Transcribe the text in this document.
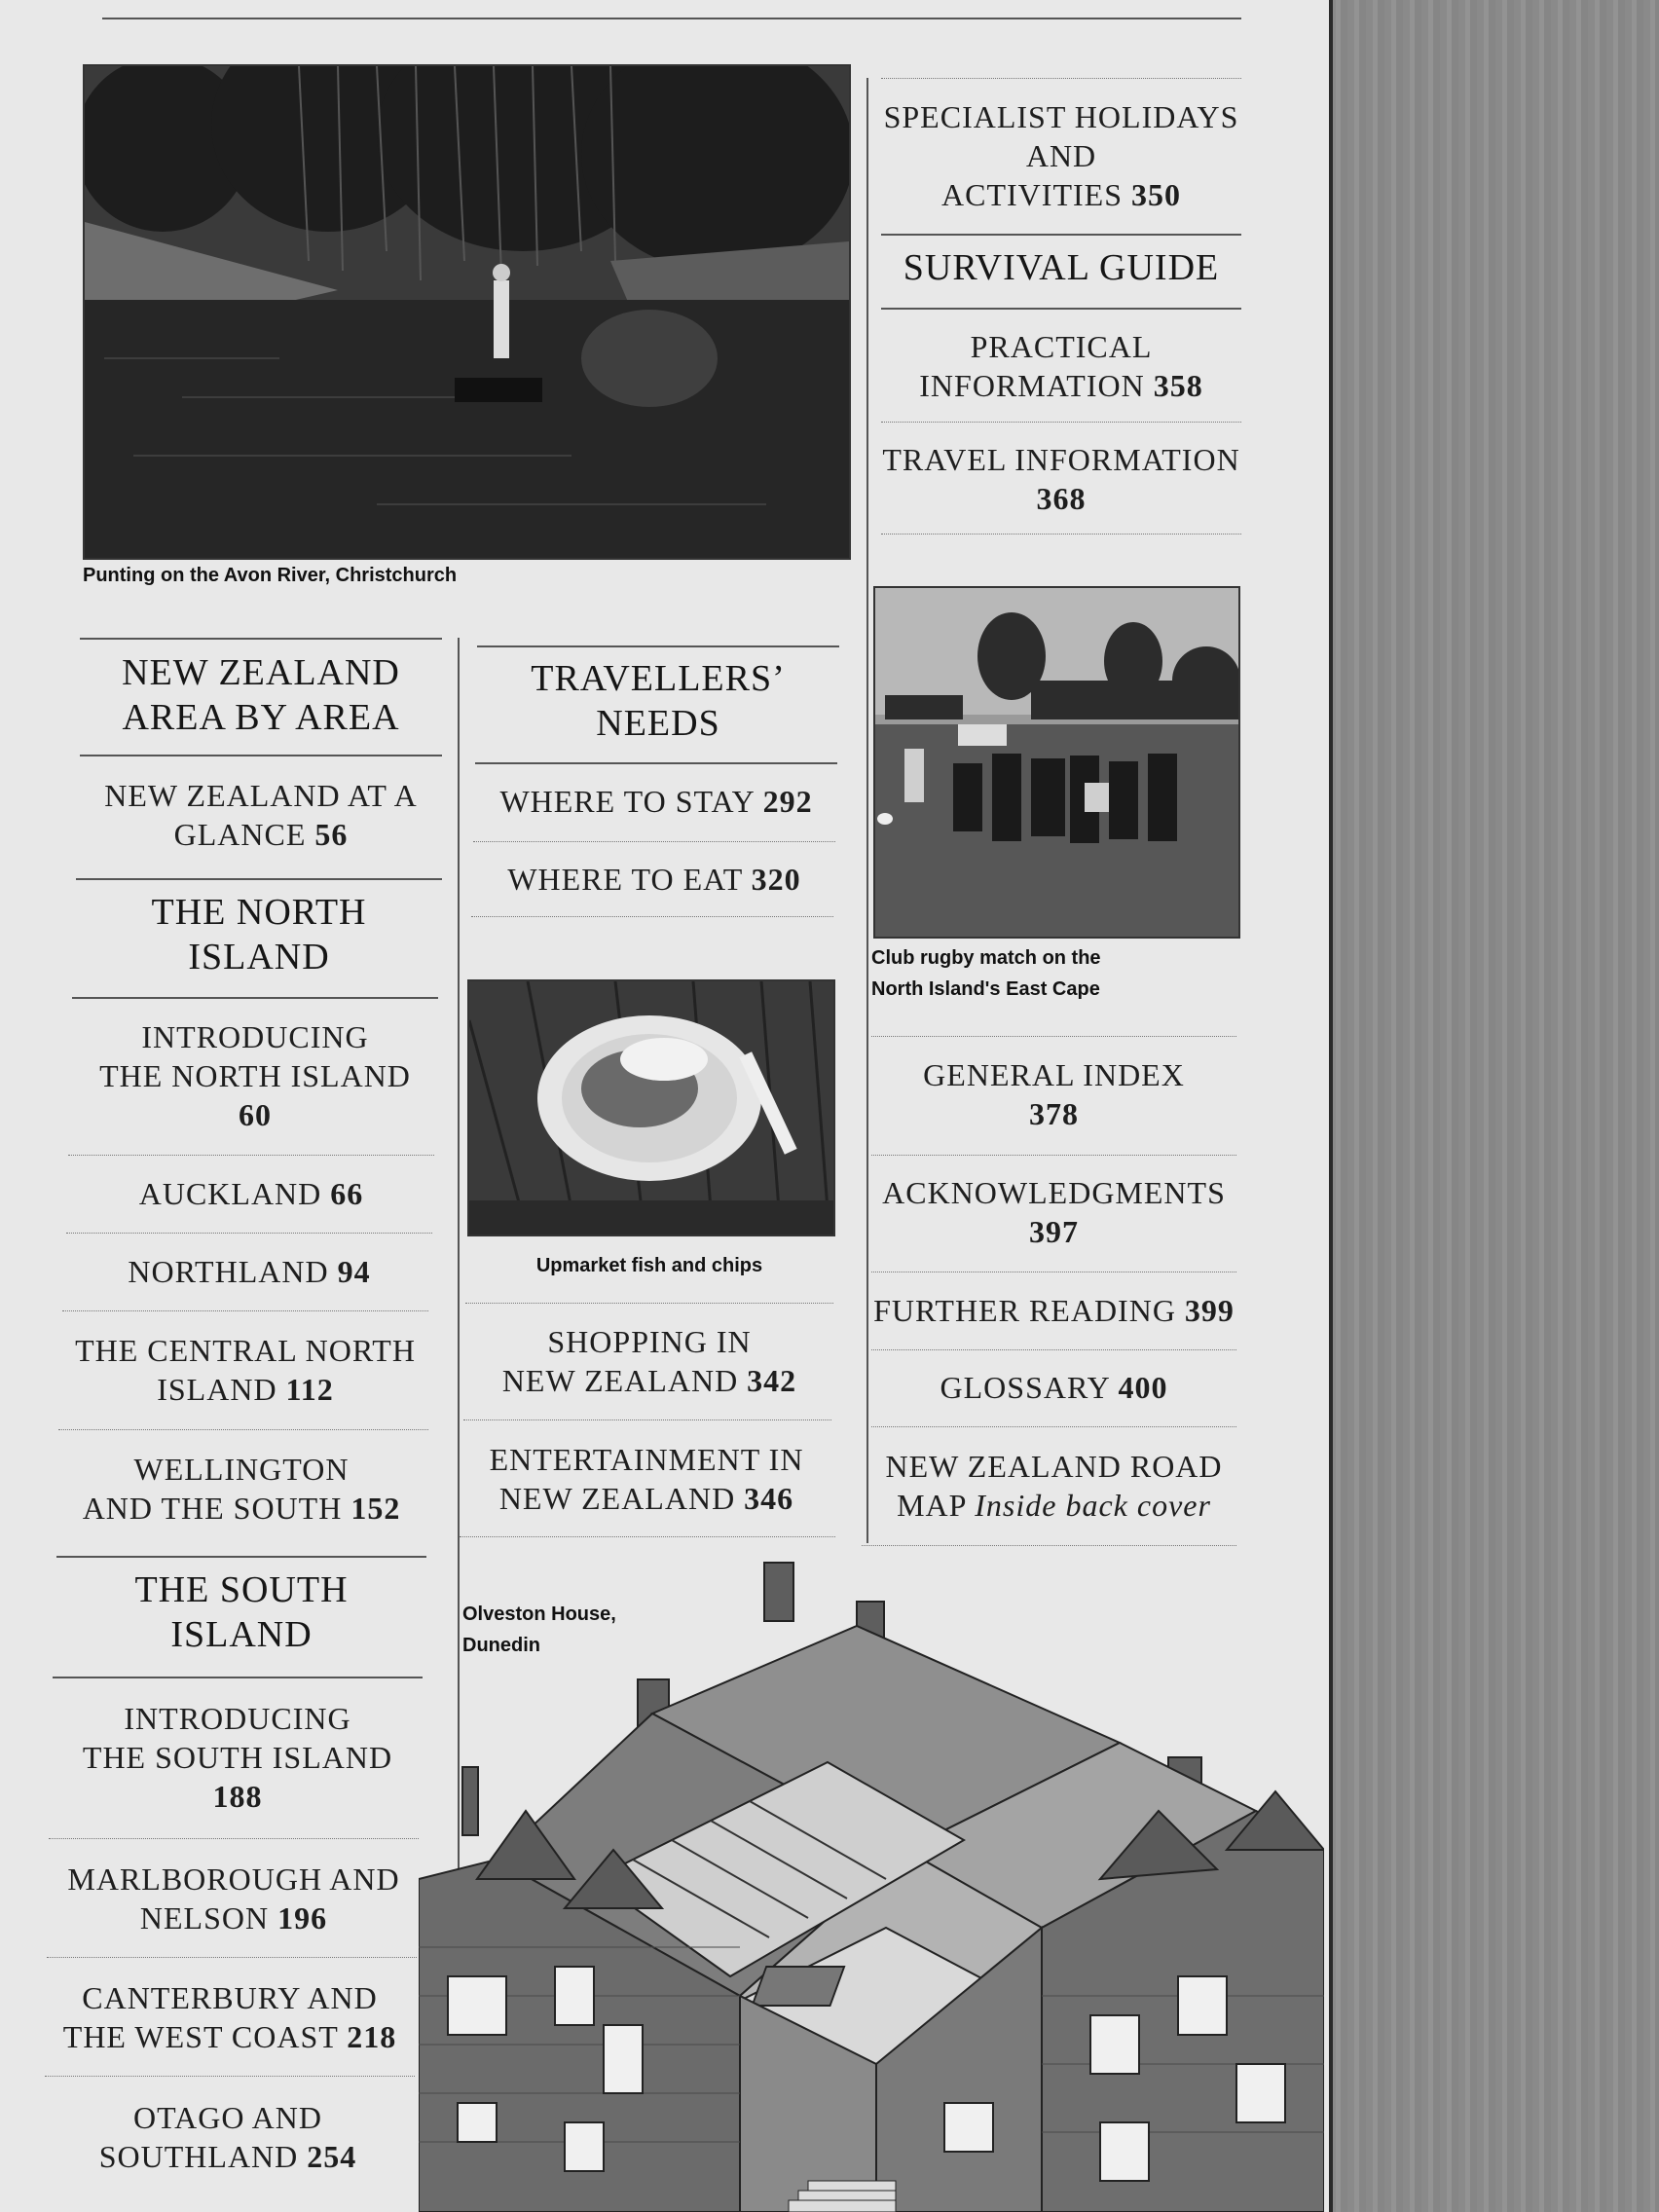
Punting on the Avon River, Christchurch
SPECIALIST HOLIDAYS
AND
ACTIVITIES 350
SURVIVAL GUIDE
PRACTICAL
INFORMATION 358
TRAVEL INFORMATION
368
Club rugby match on the
North Island's East Cape
GENERAL INDEX
378
ACKNOWLEDGMENTS
397
FURTHER READING 399
GLOSSARY 400
NEW ZEALAND ROAD
MAP Inside back cover
NEW ZEALAND
AREA BY AREA
NEW ZEALAND AT A
GLANCE 56
THE NORTH
ISLAND
INTRODUCING
THE NORTH ISLAND
60
AUCKLAND 66
NORTHLAND 94
THE CENTRAL NORTH
ISLAND 112
WELLINGTON
AND THE SOUTH 152
THE SOUTH
ISLAND
INTRODUCING
THE SOUTH ISLAND
188
MARLBOROUGH AND
NELSON 196
CANTERBURY AND
THE WEST COAST 218
OTAGO AND
SOUTHLAND 254
TRAVELLERS’
NEEDS
WHERE TO STAY 292
WHERE TO EAT 320
Upmarket fish and chips
SHOPPING IN
NEW ZEALAND 342
ENTERTAINMENT IN
NEW ZEALAND 346
Olveston House,
Dunedin
